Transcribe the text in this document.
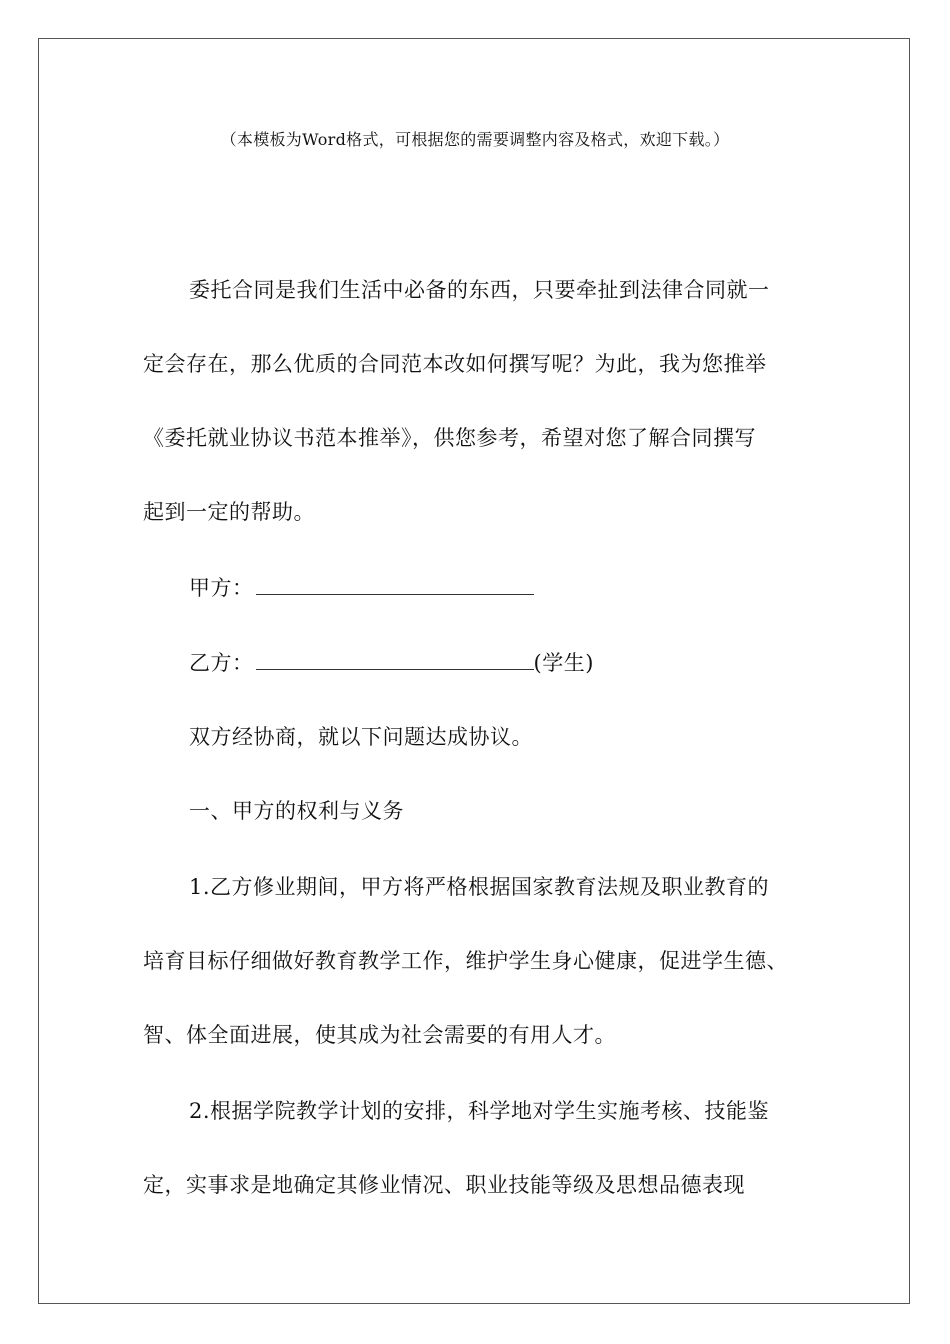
（本模板为Word格式，可根据您的需要调整内容及格式，欢迎下载。）
委托合同是我们生活中必备的东西，只要牵扯到法律合同就一
定会存在，那么优质的合同范本改如何撰写呢？为此，我为您推举
《委托就业协议书范本推举》，供您参考，希望对您了解合同撰写
起到一定的帮助。
甲方：
乙方：	(学生)
双方经协商，就以下问题达成协议。
一、甲方的权利与义务
1.乙方修业期间，甲方将严格根据国家教育法规及职业教育的
培育目标仔细做好教育教学工作，维护学生身心健康，促进学生德、
智、体全面进展，使其成为社会需要的有用人才。
2.根据学院教学计划的安排，科学地对学生实施考核、技能鉴
定，实事求是地确定其修业情况、职业技能等级及思想品德表现
